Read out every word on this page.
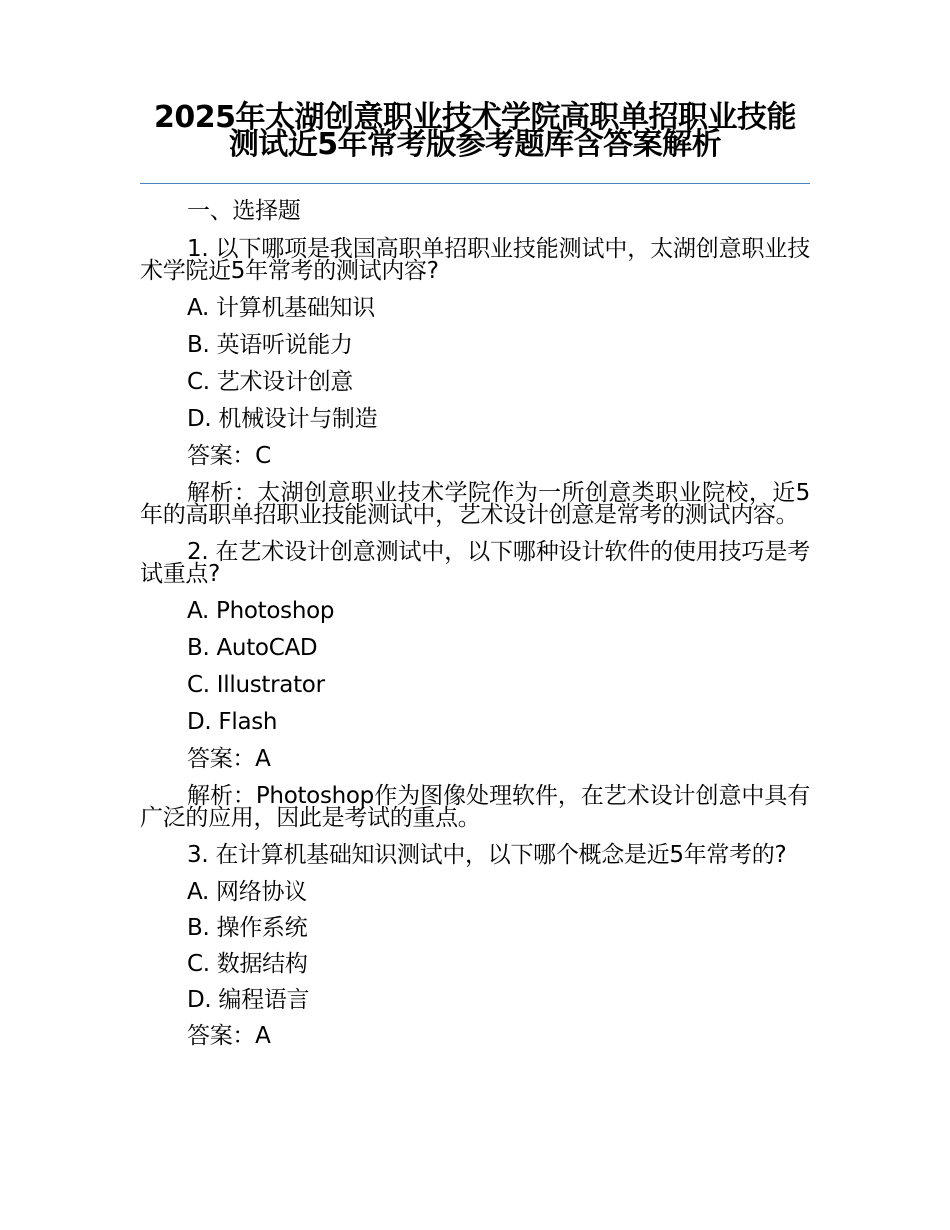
2025年太湖创意职业技术学院高职单招职业技能测试近5年常考版参考题库含答案解析

一、选择题

1. 以下哪项是我国高职单招职业技能测试中，太湖创意职业技术学院近5年常考的测试内容?

A. 计算机基础知识

B. 英语听说能力

C. 艺术设计创意

D. 机械设计与制造

答案：C

解析：太湖创意职业技术学院作为一所创意类职业院校，近5年的高职单招职业技能测试中，艺术设计创意是常考的测试内容。

2. 在艺术设计创意测试中，以下哪种设计软件的使用技巧是考试重点?

A. Photoshop

B. AutoCAD

C. Illustrator

D. Flash

答案：A

解析：Photoshop作为图像处理软件，在艺术设计创意中具有广泛的应用，因此是考试的重点。

3. 在计算机基础知识测试中，以下哪个概念是近5年常考的?

A. 网络协议

B. 操作系统

C. 数据结构

D. 编程语言

答案：A
